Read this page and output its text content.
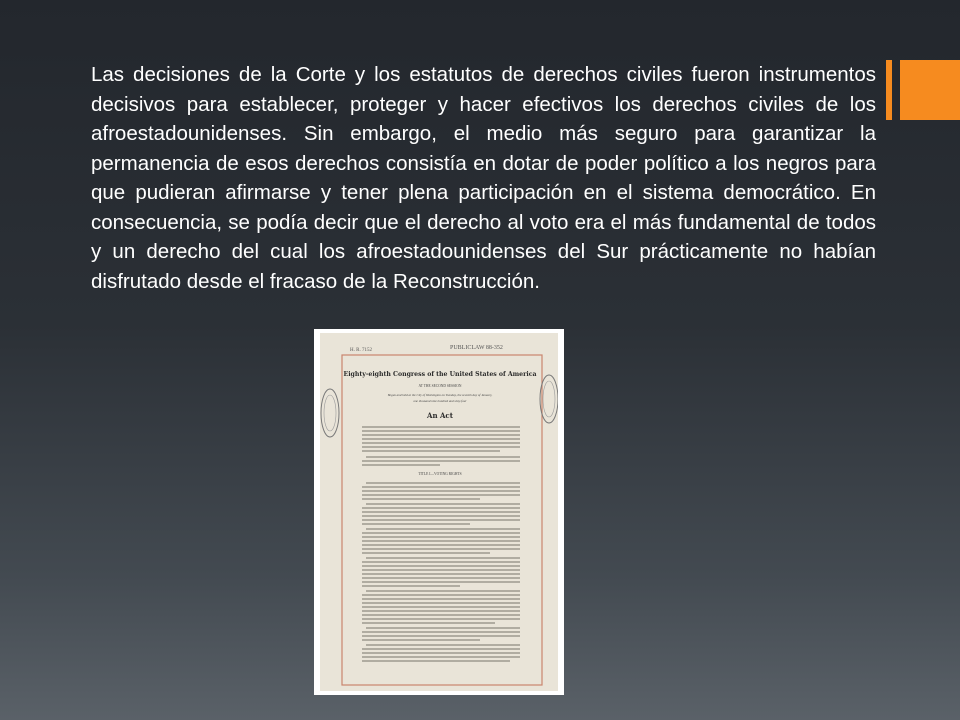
Las decisiones de la Corte y los estatutos de derechos civiles fueron instrumentos decisivos para establecer, proteger y hacer efectivos los derechos civiles de los afroestadounidenses. Sin embargo, el medio más seguro para garantizar la permanencia de esos derechos consistía en dotar de poder político a los negros para que pudieran afirmarse y tener plena participación en el sistema democrático. En consecuencia, se podía decir que el derecho al voto era el más fundamental de todos y un derecho del cual los afroestadounidenses del Sur prácticamente no habían disfrutado desde el fracaso de la Reconstrucción.

H. R. 7152	PUBLICLAW 88-352
Eighty-eighth Congress of the United States of America
AT THE SECOND SESSION
Begun and held at the City of Washington on Tuesday, the seventh day of January,
one thousand nine hundred and sixty-four
An Act
TITLE I—VOTING RIGHTS
